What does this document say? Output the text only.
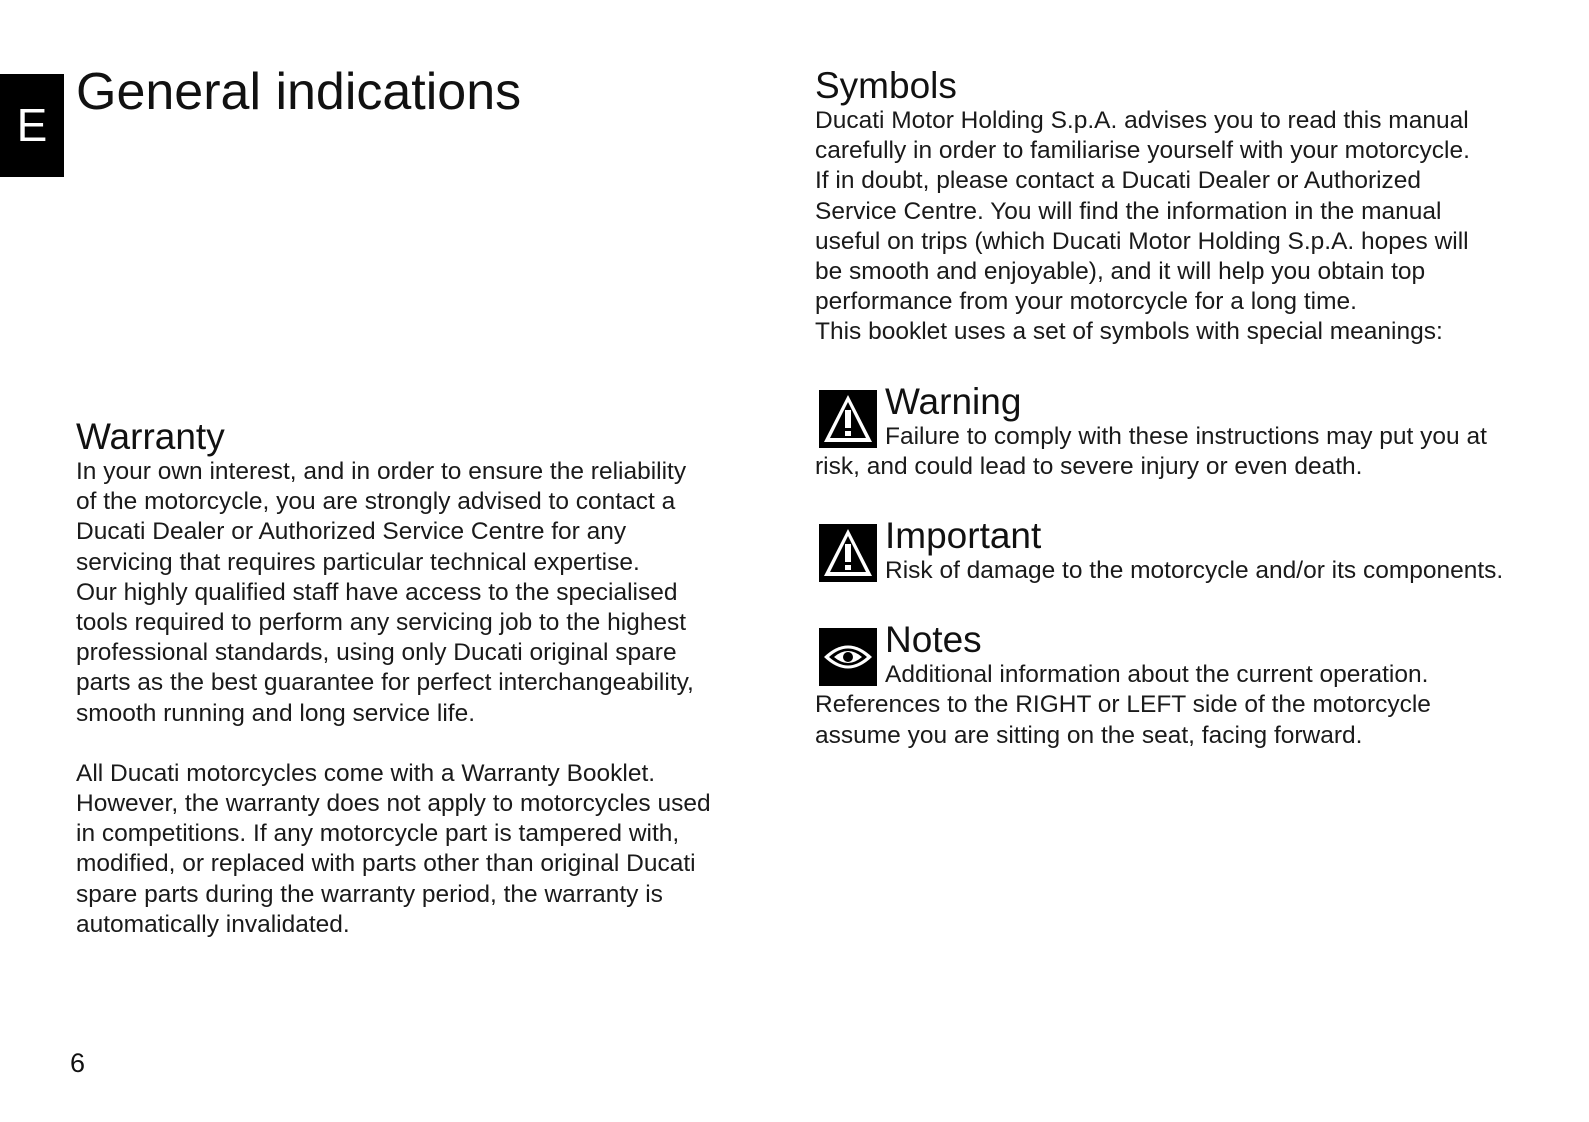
E
General indications
Warranty

In your own interest, and in order to ensure the reliability
of the motorcycle, you are strongly advised to contact a
Ducati Dealer or Authorized Service Centre for any
servicing that requires particular technical expertise.
Our highly qualified staff have access to the specialised
tools required to perform any servicing job to the highest
professional standards, using only Ducati original spare
parts as the best guarantee for perfect interchangeability,
smooth running and long service life.

All Ducati motorcycles come with a Warranty Booklet.
However, the warranty does not apply to motorcycles used
in competitions. If any motorcycle part is tampered with,
modified, or replaced with parts other than original Ducati
spare parts during the warranty period, the warranty is
automatically invalidated.

Symbols

Ducati Motor Holding S.p.A. advises you to read this manual
carefully in order to familiarise yourself with your motorcycle.
If in doubt, please contact a Ducati Dealer or Authorized
Service Centre. You will find the information in the manual
useful on trips (which Ducati Motor Holding S.p.A. hopes will
be smooth and enjoyable), and it will help you obtain top
performance from your motorcycle for a long time.
This booklet uses a set of symbols with special meanings:

Warning

Failure to comply with these instructions may put you at risk, and could lead to severe injury or even death.

Important

Risk of damage to the motorcycle and/or its components.

Notes

Additional information about the current operation.

References to the RIGHT or LEFT side of the motorcycle
assume you are sitting on the seat, facing forward.

6
